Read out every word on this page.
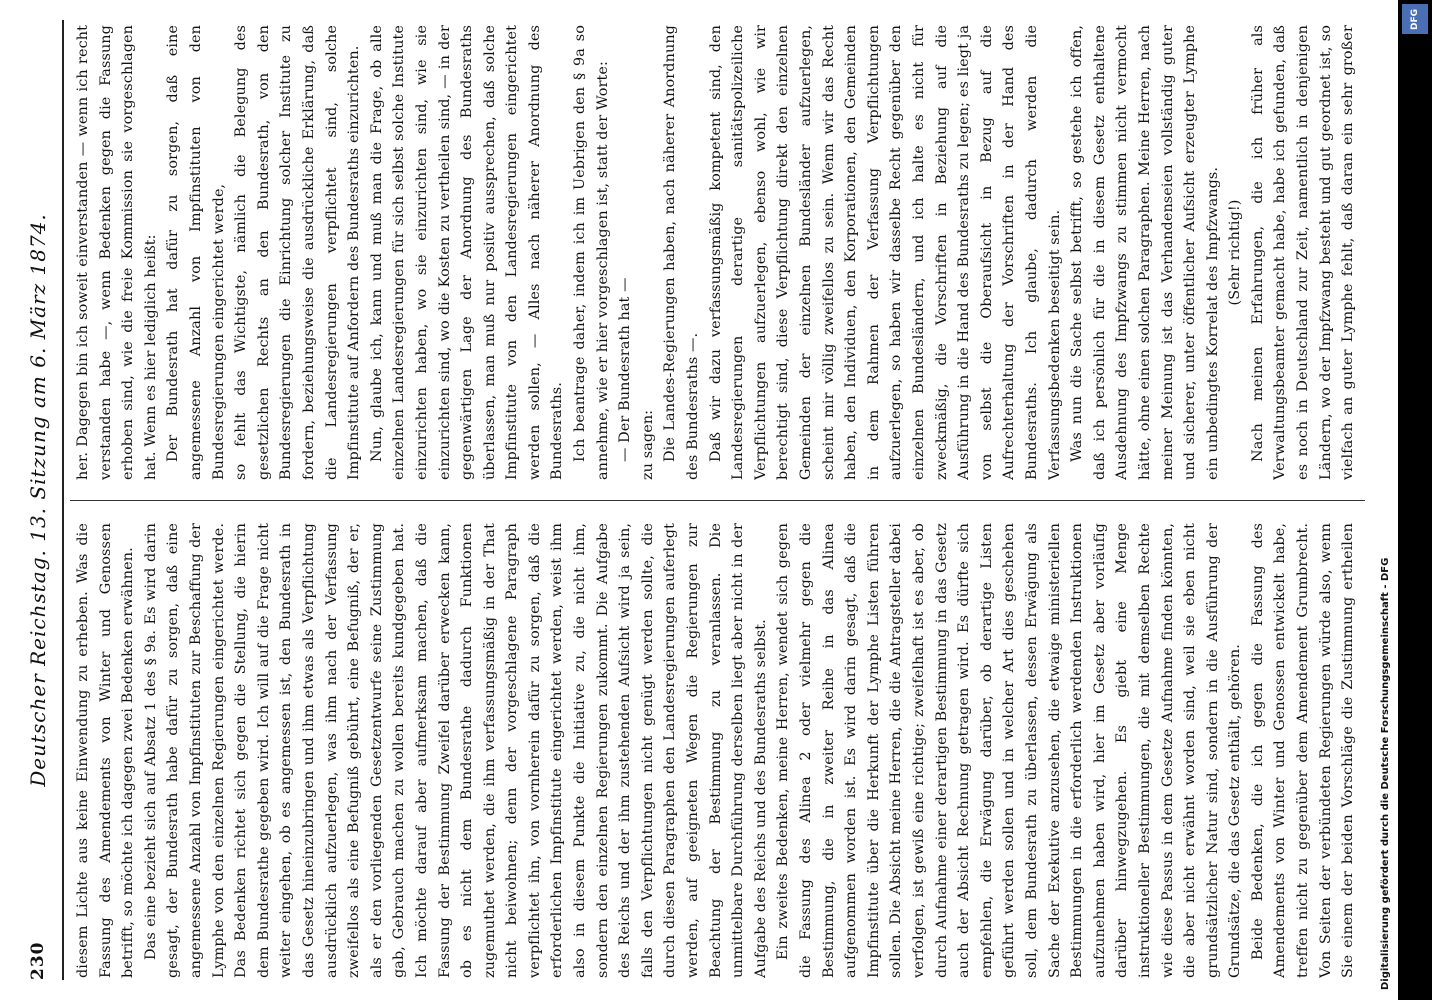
230
Deutscher Reichstag. 13. Sitzung am 6. März 1874. diesem Lichte aus keine Einwendung zu erheben. Was die Fassung des Amendements von Winter und Genossen betrifft, so möchte ich dagegen zwei Bedenken erwähnen. Das eine bezieht sich auf Absatz 1 des § 9a. Es wird darin gesagt, der Bundesrath habe dafür zu sorgen, daß eine angemessene Anzahl von Impfinstituten zur Beschaffung der Lymphe von den einzelnen Regierungen eingerichtet werde. Das Bedenken richtet sich gegen die Stellung, die hierin dem Bundesrathe gegeben wird. Ich will auf die Frage nicht weiter eingehen, ob es angemessen ist, den Bundesrath in das Gesetz hineinzubringen und ihm etwas als Verpflichtung ausdrücklich aufzuerlegen, was ihm nach der Verfassung zweifellos als eine Befugniß gebührt, eine Befugniß, der er, als er den vorliegenden Gesetzentwurfe seine Zustimmung gab, Gebrauch machen zu wollen bereits kundgegeben hat. Ich möchte darauf aber aufmerksam machen, daß die Fassung der Bestimmung Zweifel darüber erwecken kann, ob es nicht dem Bundesrathe dadurch Funktionen zugemuthet werden, die ihm verfassungsmäßig in der That nicht beiwohnen; denn der vorgeschlagene Paragraph verpflichtet ihn, von vornherein dafür zu sorgen, daß die erforderlichen Impfinstitute eingerichtet werden, weist ihm also in diesem Punkte die Initiative zu, die nicht ihm, sondern den einzelnen Regierungen zukommt. Die Aufgabe des Reichs und der ihm zustehenden Aufsicht wird ja sein, falls den Verpflichtungen nicht genügt werden sollte, die durch diesen Paragraphen den Landesregierungen auferlegt werden, auf geeigneten Wegen die Regierungen zur Beachtung der Bestimmung zu veranlassen. Die unmittelbare Durchführung derselben liegt aber nicht in der Aufgabe des Reichs und des Bundesraths selbst. Ein zweites Bedenken, meine Herren, wendet sich gegen die Fassung des Alinea 2 oder vielmehr gegen die Bestimmung, die in zweiter Reihe in das Alinea aufgenommen worden ist. Es wird darin gesagt, daß die Impfinstitute über die Herkunft der Lymphe Listen führen sollen. Die Absicht meine Herren, die die Antragsteller dabei verfolgen, ist gewiß eine richtige; zweifelhaft ist es aber, ob durch Aufnahme einer derartigen Bestimmung in das Gesetz auch der Absicht Rechnung getragen wird. Es dürfte sich empfehlen, die Erwägung darüber, ob derartige Listen geführt werden sollen und in welcher Art dies geschehen soll, dem Bundesrath zu überlassen, dessen Erwägung als Sache der Exekutive anzusehen, die etwaige ministeriellen Bestimmungen in die erforderlich werdenden Instruktionen aufzunehmen haben wird, hier im Gesetz aber vorläufig darüber hinwegzugehen. Es giebt eine Menge instruktioneller Bestimmungen, die mit demselben Rechte wie diese Passus in dem Gesetze Aufnahme finden könnten, die aber nicht erwähnt worden sind, weil sie eben nicht grundsätzlicher Natur sind, sondern in die Ausführung der Grundsätze, die das Gesetz enthält, gehören. Beide Bedenken, die ich gegen die Fassung des Amendements von Winter und Genossen entwickelt habe, treffen nicht zu gegenüber dem Amendement Grumbrecht. Von Seiten der verbündeten Regierungen würde also, wenn Sie einem der beiden Vorschläge die Zustimmung ertheilen

her. Dagegen bin ich soweit einverstanden — wenn ich recht verstanden habe —, wenn Bedenken gegen die Fassung erhoben sind, wie die freie Kommission sie vorgeschlagen hat. Wenn es hier lediglich heißt: Der Bundesrath hat dafür zu sorgen, daß eine angemessene Anzahl von Impfinstituten von den Bundesregierungen eingerichtet werde, so fehlt das Wichtigste, nämlich die Belegung des gesetzlichen Rechts an den Bundesrath, von den Bundesregierungen die Einrichtung solcher Institute zu fordern, beziehungsweise die ausdrückliche Erklärung, daß die Landesregierungen verpflichtet sind, solche Impfinstitute auf Anfordern des Bundesraths einzurichten. Nun, glaube ich, kann und muß man die Frage, ob alle einzelnen Landesregierungen für sich selbst solche Institute einzurichten haben, wo sie einzurichten sind, wie sie einzurichten sind, wo die Kosten zu vertheilen sind, — in der gegenwärtigen Lage der Anordnung des Bundesraths überlassen, man muß nur positiv aussprechen, daß solche Impfinstitute von den Landesregierungen eingerichtet werden sollen, — Alles nach näherer Anordnung des Bundesraths. Ich beantrage daher, indem ich im Uebrigen den § 9a so annehme, wie er hier vorgeschlagen ist, statt der Worte: — Der Bundesrath hat — zu sagen: Die Landes-Regierungen haben, nach näherer Anordnung des Bundesraths —. Daß wir dazu verfassungsmäßig kompetent sind, den Landesregierungen derartige sanitätspolizeiliche Verpflichtungen aufzuerlegen, ebenso wohl, wie wir berechtigt sind, diese Verpflichtung direkt den einzelnen Gemeinden der einzelnen Bundesländer aufzuerlegen, scheint mir völlig zweifellos zu sein. Wenn wir das Recht haben, den Individuen, den Korporationen, den Gemeinden in dem Rahmen der Verfassung Verpflichtungen aufzuerlegen, so haben wir dasselbe Recht gegenüber den einzelnen Bundesländern, und ich halte es nicht für zweckmäßig, die Vorschriften in Beziehung auf die Ausführung in die Hand des Bundesraths zu legen; es liegt ja von selbst die Oberaufsicht in Bezug auf die Aufrechterhaltung der Vorschriften in der Hand des Bundesraths. Ich glaube, dadurch werden die Verfassungsbedenken beseitigt sein. Was nun die Sache selbst betrifft, so gestehe ich offen, daß ich persönlich für die in diesem Gesetz enthaltene Ausdehnung des Impfzwangs zu stimmen nicht vermocht hätte, ohne einen solchen Paragraphen. Meine Herren, nach meiner Meinung ist das Verhandenseien vollständig guter und sicherer, unter öffentlicher Aufsicht erzeugter Lymphe ein unbedingtes Korrelat des Impfzwangs. (Sehr richtig!)

Nach meinen Erfahrungen, die ich früher als Verwaltungsbeamter gemacht habe, habe ich gefunden, daß es noch in Deutschland zur Zeit, namentlich in denjenigen Ländern, wo der Impfzwang besteht und gut geordnet ist, so vielfach an guter Lymphe fehlt, daß daran ein sehr großer

Digitalisierung gefördert durch die Deutsche Forschungsgemeinschaft - DFG
DFG
